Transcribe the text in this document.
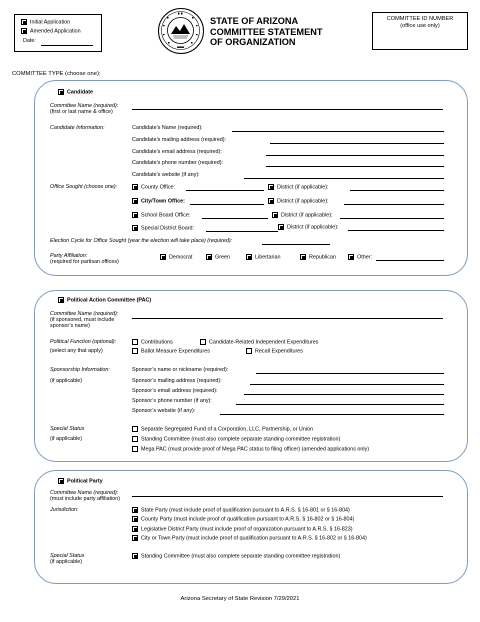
Initial Application
Amended Application
Date:
STATE OF ARIZONA
COMMITTEE STATEMENT
OF ORGANIZATION
COMMITTEE ID NUMBER
(office use only)
COMMITTEE TYPE (choose one):
Candidate
Committee Name (required):
(first or last name & office)
Candidate Information:	Candidate’s Name (required):
Candidate’s mailing address (required):
Candidate’s email address (required):
Candidate’s phone number (required):
Candidate’s website (if any):
Office Sought (choose one):	County Office:	District (if applicable):
City/Town Office:	District (if applicable):
School Board Office:	District (if applicable):
Special District Board:	District (if applicable):
Election Cycle for Office Sought (year the election will take place) (required):
Party Affiliation:
(required for partisan offices)
Democrat	Green	Libertarian	Republican	Other:
Political Action Committee (PAC)
Committee Name (required):
(if sponsored, must include
sponsor’s name)
Political Function (optional):
(select any that apply)
Contributions	Candidate-Related Independent Expenditures
Ballot Measure Expenditures	Recall Expenditures
Sponsorship Information:
(if applicable)
Sponsor’s name or nickname (required):
Sponsor’s mailing address (required):
Sponsor’s email address (required):
Sponsor’s phone number (if any):
Sponsor’s website (if any):
Special Status
(if applicable)
Separate Segregated Fund of a Corporation, LLC, Partnership, or Union
Standing Committee (must also complete separate standing committee registration)
Mega PAC (must provide proof of Mega PAC status to filing officer) (amended applications only)
Political Party
Committee Name (required):
(must include party affiliation)
Jurisdiction:	State Party (must include proof of qualification pursuant to A.R.S. § 16-801 or § 16-804)
County Party (must include proof of qualification pursuant to A.R.S. § 16-802 or § 16-804)
Legislative District Party (must include proof of organization pursuant to A.R.S. § 16-823)
City or Town Party (must include proof of qualification pursuant to A.R.S. § 16-802 or § 16-804)
Special Status
(if applicable)
Standing Committee (must also complete separate standing committee registration)
Arizona Secretary of State Revision 7/29/2021
